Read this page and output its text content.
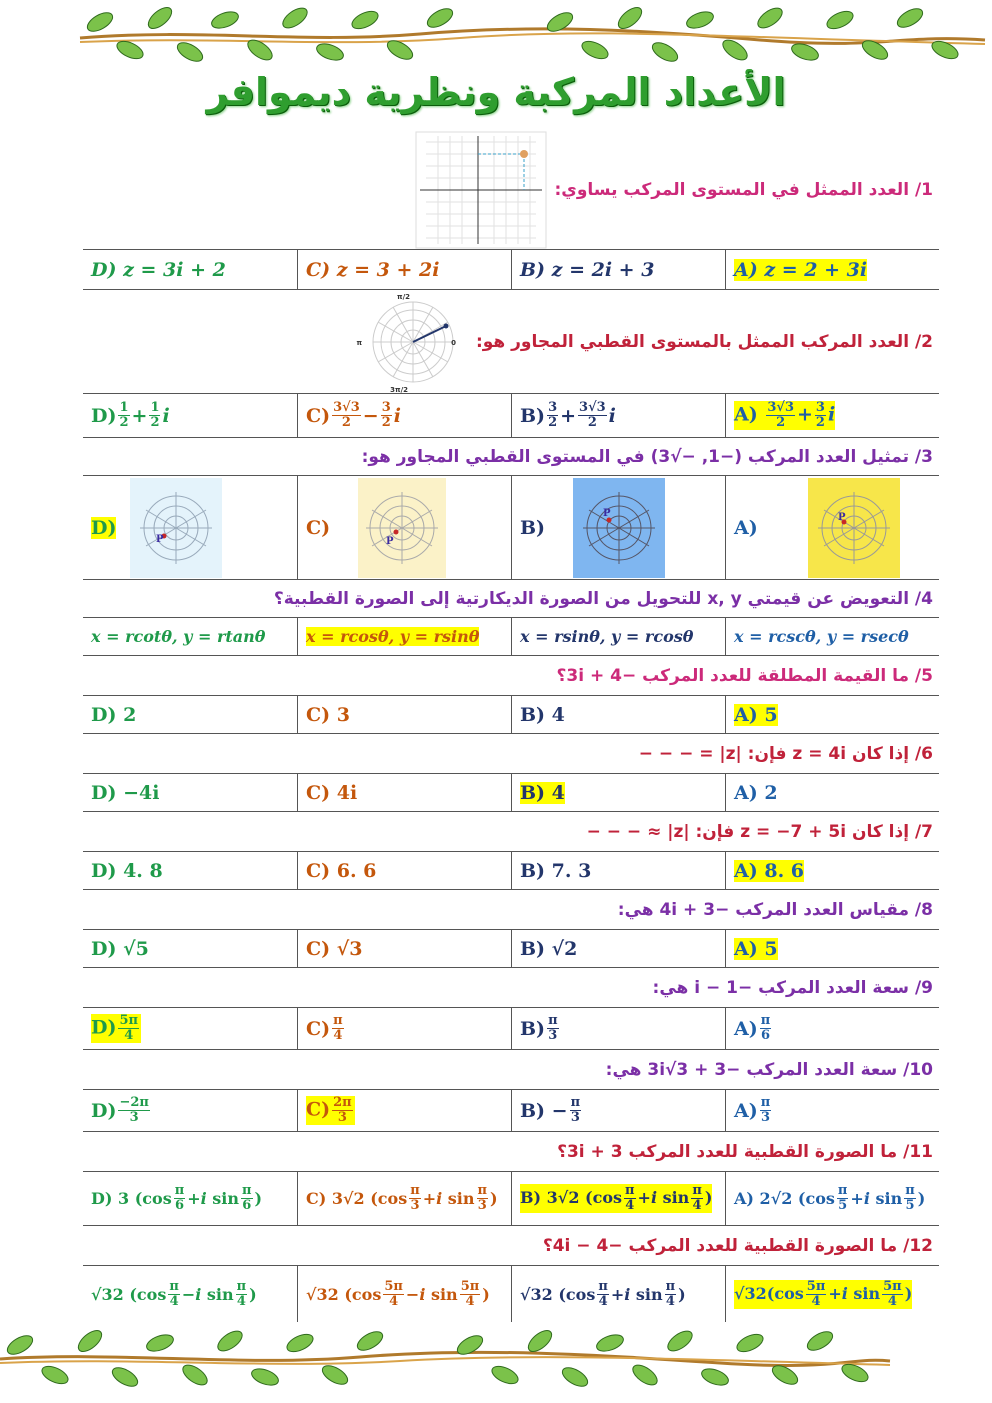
الأعداد المركبة ونظرية ديموافر
1/ العدد الممثل في المستوى المركب يساوي:
A) z = 2 + 3i
B) z = 2i + 3
C) z = 3 + 2i
D) z = 3i + 2
2/ العدد المركب الممثل بالمستوى القطبي المجاور هو:
π/2
0
π
3π/2
$A) \frac{3√3}{2} + \frac{3}{2}$ i
$B) \frac{3}{2} + \frac{3√3}{2}$ i
$C) \frac{3√3}{2} - \frac{3}{2}$ i
$D) \frac{1}{2} + \frac{1}{2}$ i
3/ تمثيل العدد المركب (−1, −√3) في المستوى القطبي المجاور هو:
A)	P
B)
P
C)
P
D)
P
4/ التعويض عن قيمتي x, y للتحويل من الصورة الديكارتية إلى الصورة القطبية؟
x = rcscθ, y = rsecθ
x = rsinθ, y = rcosθ
x = rcosθ, y = rsinθ
x = rcotθ, y = rtanθ
5/ ما القيمة المطلقة للعدد المركب −4 + 3i؟
A) 5
B) 4
C) 3
D) 2
6/ إذا كان z = 4i فإن: |z| = − − −
A) 2
B) 4
C) 4i
D) −4i
7/ إذا كان z = −7 + 5i فإن: |z| ≈ − − −
A) 8. 6
B) 7. 3
C) 6. 6
D) 4. 8
8/ مقياس العدد المركب −3 + 4i هي:
A) 5
B) √2
C) √3
D) √5
9/ سعة العدد المركب −1 − i هي:
$A) \frac{\pi}{6}$
$B) \frac{\pi}{3}$
$C) \frac{\pi}{4}$
$D) \frac{5\pi}{4}$
10/ سعة العدد المركب −3 + 3√3i هي:
$A) \frac{\pi}{3}$
$B) - \frac{\pi}{3}$
$C) \frac{2\pi}{3}$
$D) \frac{-2\pi}{3}$
11/ ما الصورة القطبية للعدد المركب 3 + 3i؟
A) 2√2 ( $\cos \frac{\pi}{5} + i$
$\sin \frac{\pi}{5}$ )
B) 3√2 ($\cos \frac{\pi}{4} +i$ $\sin \frac{\pi}{4}$ )
C) 3√2 ( $\cos \frac{\pi}{3} + i$
$\sin \frac{\pi}{3}$ )
D) 3 ( $\cos \frac{\pi}{6} + i$
$\sin \frac{\pi}{6}$ )
12/ ما الصورة القطبية للعدد المركب −4 − 4i؟
$√32(\cos \frac{5\pi}{4} +i$ $\sin \frac{5\pi}{4}$ )
√32 ( $\cos \frac{\pi}{4} + i$
$\sin \frac{\pi}{4}$ )
√32 ( $\cos \frac{5\pi}{4} - i$
$\sin \frac{5\pi}{4}$ )
√32 ( $\cos \frac{\pi}{4} - i$
$\sin \frac{\pi}{4}$ )
